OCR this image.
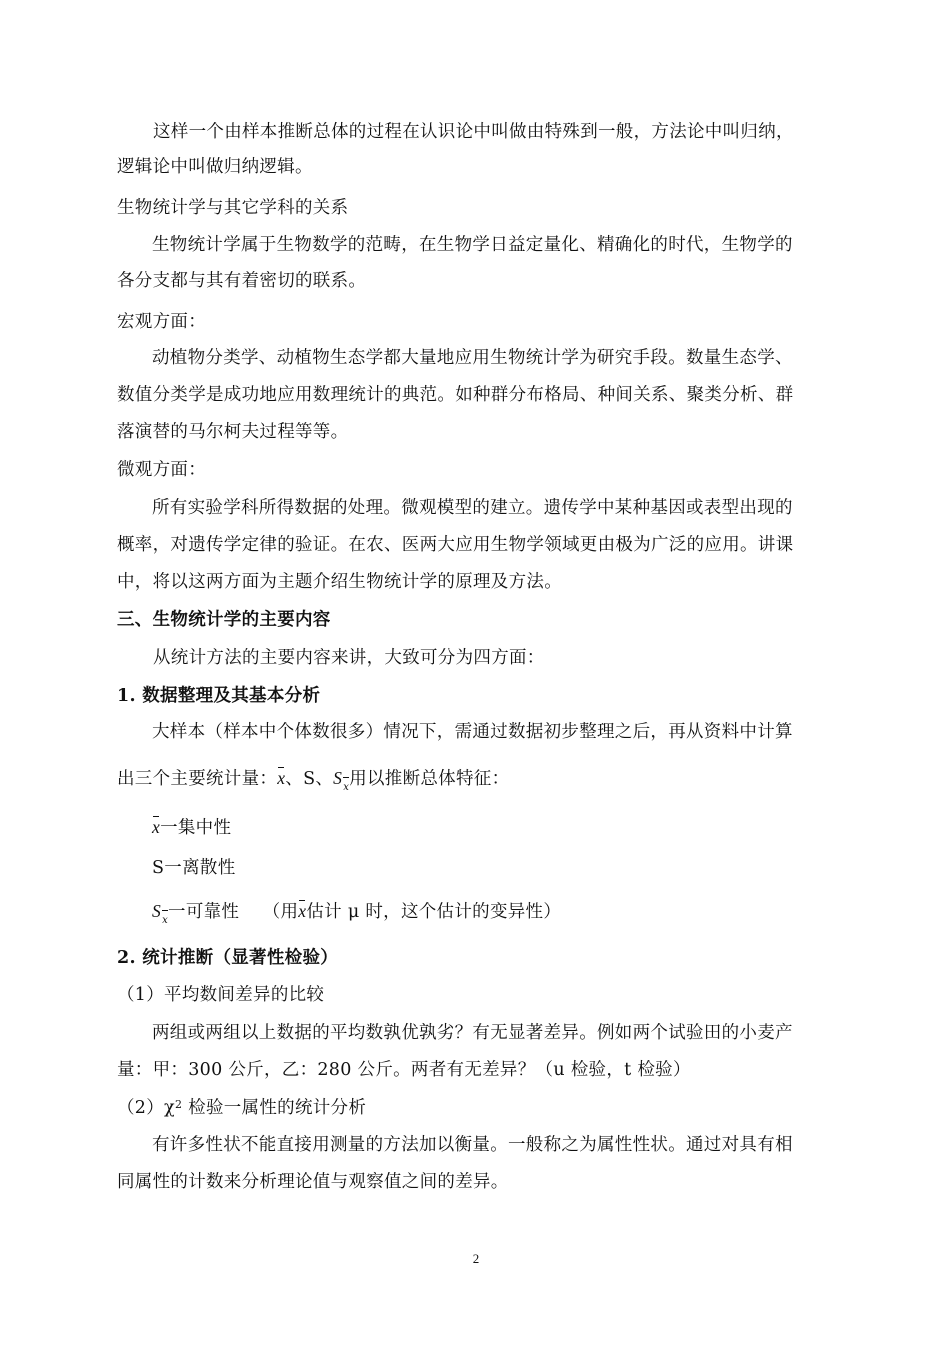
这样一个由样本推断总体的过程在认识论中叫做由特殊到一般，方法论中叫归纳，
逻辑论中叫做归纳逻辑。
生物统计学与其它学科的关系
生物统计学属于生物数学的范畴，在生物学日益定量化、精确化的时代，生物学的
各分支都与其有着密切的联系。
宏观方面：
动植物分类学、动植物生态学都大量地应用生物统计学为研究手段。数量生态学、
数值分类学是成功地应用数理统计的典范。如种群分布格局、种间关系、聚类分析、群
落演替的马尔柯夫过程等等。
微观方面：
所有实验学科所得数据的处理。微观模型的建立。遗传学中某种基因或表型出现的
概率，对遗传学定律的验证。在农、医两大应用生物学领域更由极为广泛的应用。讲课
中，将以这两方面为主题介绍生物统计学的原理及方法。
三、生物统计学的主要内容
从统计方法的主要内容来讲，大致可分为四方面：
1. 数据整理及其基本分析
大样本（样本中个体数很多）情况下，需通过数据初步整理之后，再从资料中计算
出三个主要统计量：x、S、Sx用以推断总体特征：
x一集中性
S一离散性
Sx一可靠性    （用x估计 μ 时，这个估计的变异性）
2. 统计推断（显著性检验）
（1）平均数间差异的比较
两组或两组以上数据的平均数孰优孰劣？有无显著差异。例如两个试验田的小麦产
量：甲：300 公斤，乙：280 公斤。两者有无差异？（u 检验，t 检验）
$(2)\chi^2$ 检验一属性的统计分析
有许多性状不能直接用测量的方法加以衡量。一般称之为属性性状。通过对具有相
同属性的计数来分析理论值与观察值之间的差异。
2
